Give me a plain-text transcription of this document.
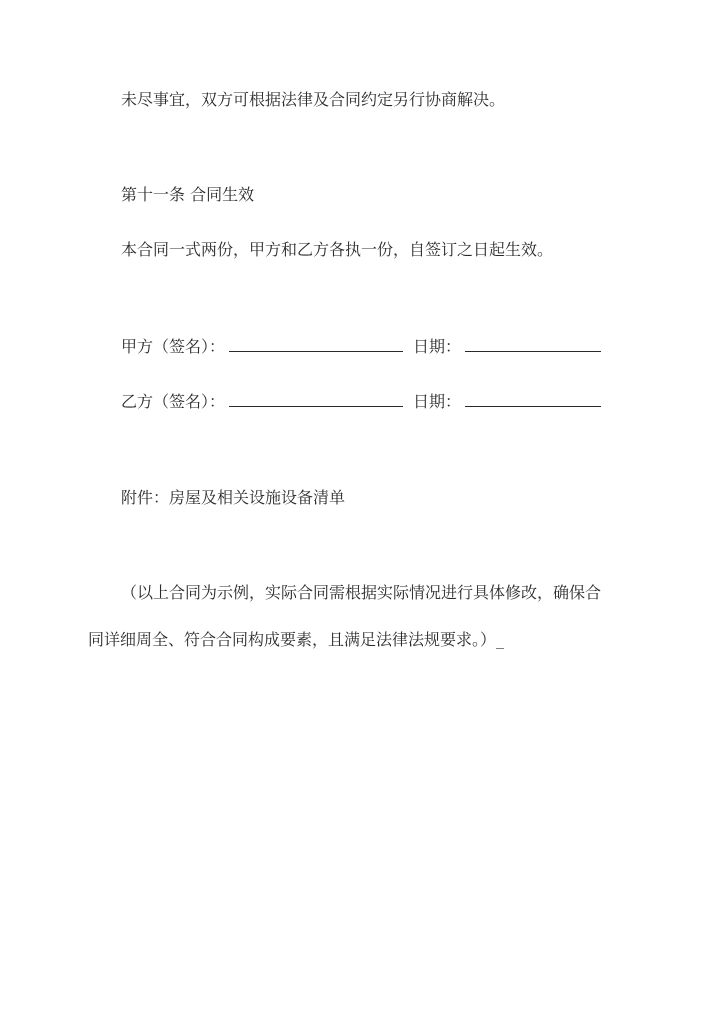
未尽事宜，双方可根据法律及合同约定另行协商解决。
第十一条 合同生效
本合同一式两份，甲方和乙方各执一份，自签订之日起生效。
甲方（签名）：	日期：
乙方（签名）：	日期：
附件：房屋及相关设施设备清单
（以上合同为示例，实际合同需根据实际情况进行具体修改，确保合
同详细周全、符合合同构成要素，且满足法律法规要求。）_
